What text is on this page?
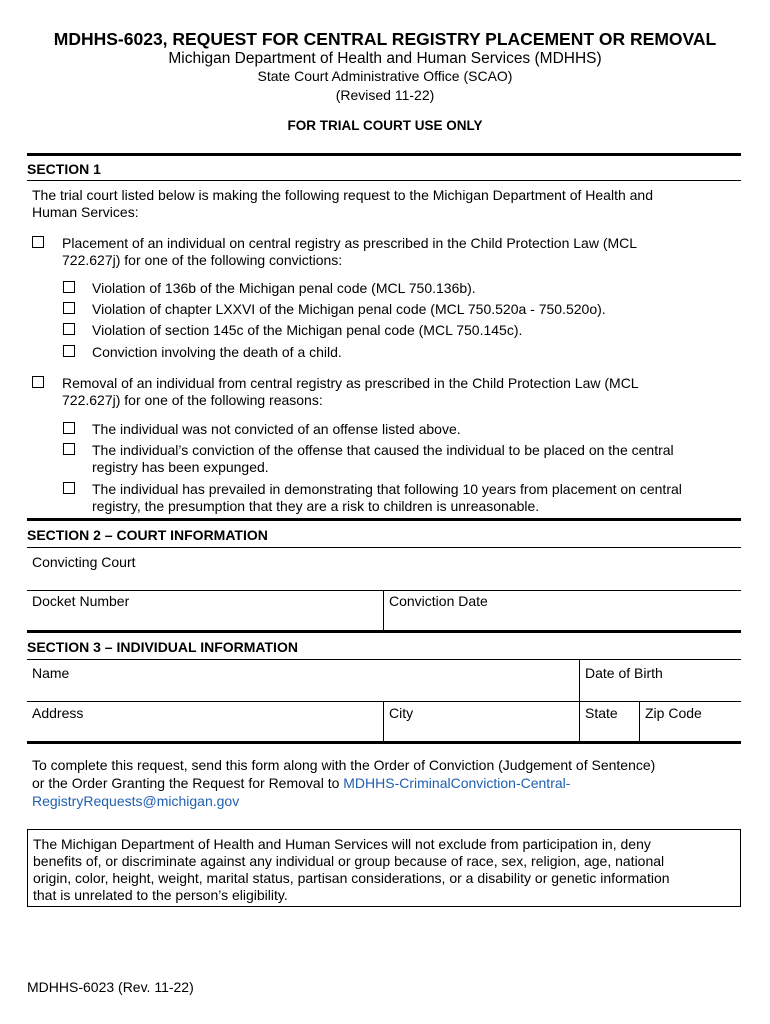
MDHHS-6023, REQUEST FOR CENTRAL REGISTRY PLACEMENT OR REMOVAL
Michigan Department of Health and Human Services (MDHHS)
State Court Administrative Office (SCAO)
(Revised 11-22)
FOR TRIAL COURT USE ONLY
SECTION 1
The trial court listed below is making the following request to the Michigan Department of Health and
Human Services:
Placement of an individual on central registry as prescribed in the Child Protection Law (MCL
722.627j) for one of the following convictions:
Violation of 136b of the Michigan penal code (MCL 750.136b).
Violation of chapter LXXVI of the Michigan penal code (MCL 750.520a - 750.520o).
Violation of section 145c of the Michigan penal code (MCL 750.145c).
Conviction involving the death of a child.
Removal of an individual from central registry as prescribed in the Child Protection Law (MCL
722.627j) for one of the following reasons:
The individual was not convicted of an offense listed above.
The individual’s conviction of the offense that caused the individual to be placed on the central
registry has been expunged.
The individual has prevailed in demonstrating that following 10 years from placement on central
registry, the presumption that they are a risk to children is unreasonable.
SECTION 2 – COURT INFORMATION
Convicting Court
Docket Number	Conviction Date
SECTION 3 – INDIVIDUAL INFORMATION
Name	Date of Birth
Address	City	State Zip Code
To complete this request, send this form along with the Order of Conviction (Judgement of Sentence)
or the Order Granting the Request for Removal to MDHHS-CriminalConviction-Central-
RegistryRequests@michigan.gov
The Michigan Department of Health and Human Services will not exclude from participation in, deny
benefits of, or discriminate against any individual or group because of race, sex, religion, age, national
origin, color, height, weight, marital status, partisan considerations, or a disability or genetic information
that is unrelated to the person’s eligibility.
MDHHS-6023 (Rev. 11-22)
